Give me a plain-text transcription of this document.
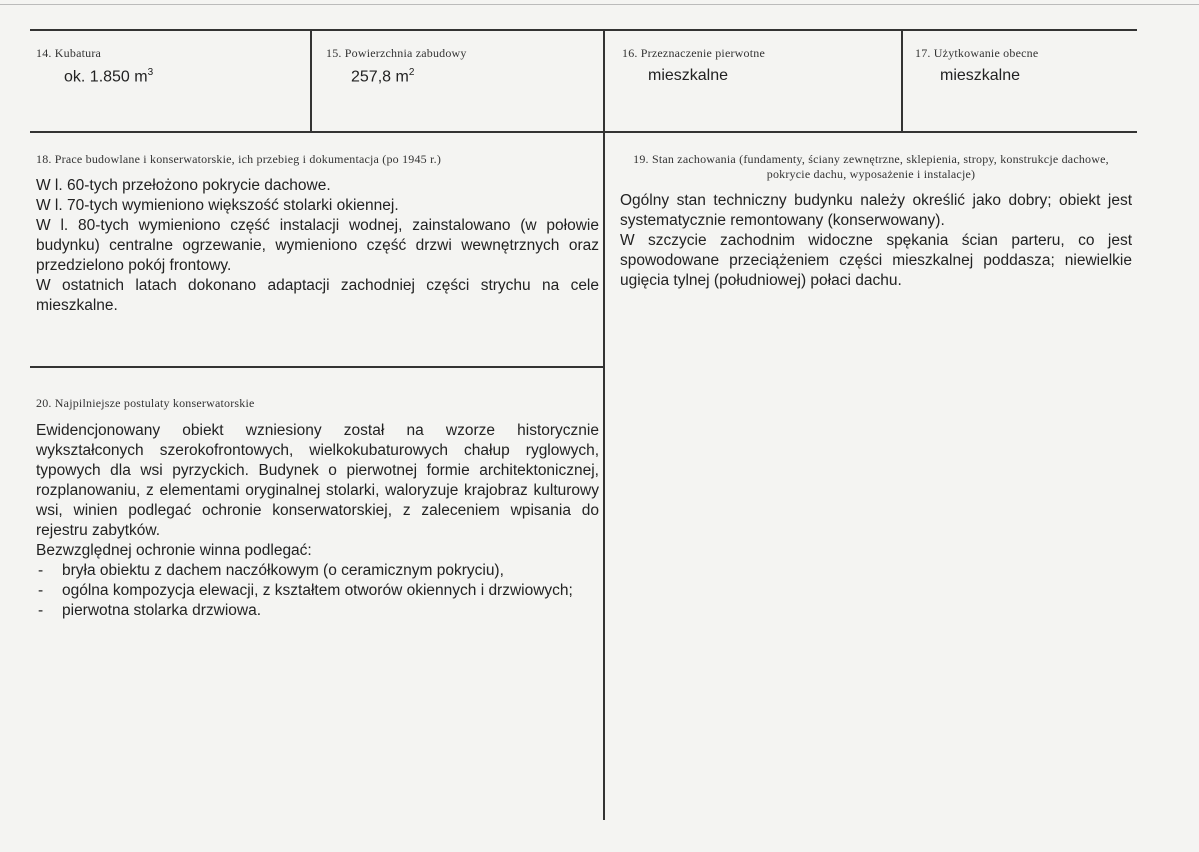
14. Kubatura
ok. 1.850 $m^3$
15. Powierzchnia zabudowy
257,8 $m^2$
16. Przeznaczenie pierwotne
mieszkalne
17. Użytkowanie obecne
mieszkalne
18. Prace budowlane i konserwatorskie, ich przebieg i dokumentacja (po 1945 r.)

W l. 60-tych przełożono pokrycie dachowe.

W l. 70-tych wymieniono większość stolarki okiennej.

W l. 80-tych wymieniono część instalacji wodnej, zainstalowano (w połowie budynku) centralne ogrzewanie, wymieniono część drzwi wewnętrznych oraz przedzielono pokój frontowy.

W ostatnich latach dokonano adaptacji zachodniej części strychu na cele mieszkalne.

19. Stan zachowania (fundamenty, ściany zewnętrzne, sklepienia, stropy, konstrukcje dachowe, pokrycie dachu, wyposażenie i instalacje)

Ogólny stan techniczny budynku należy określić jako dobry; obiekt jest systematycznie remontowany (konserwowany).

W szczycie zachodnim widoczne spękania ścian parteru, co jest spowodowane przeciążeniem części mieszkalnej poddasza; niewielkie ugięcia tylnej (południowej) połaci dachu.

20. Najpilniejsze postulaty konserwatorskie

Ewidencjonowany obiekt wzniesiony został na wzorze historycznie wykształconych szerokofrontowych, wielkokubaturowych chałup ryglowych, typowych dla wsi pyrzyckich. Budynek o pierwotnej formie architektonicznej, rozplanowaniu, z elementami oryginalnej stolarki, waloryzuje krajobraz kulturowy wsi, winien podlegać ochronie konserwatorskiej, z zaleceniem wpisania do rejestru zabytków.

Bezwzględnej ochronie winna podlegać:

- bryła obiektu z dachem naczółkowym (o ceramicznym pokryciu),
- ogólna kompozycja elewacji, z kształtem otworów okiennych i drzwiowych;
- pierwotna stolarka drzwiowa.
